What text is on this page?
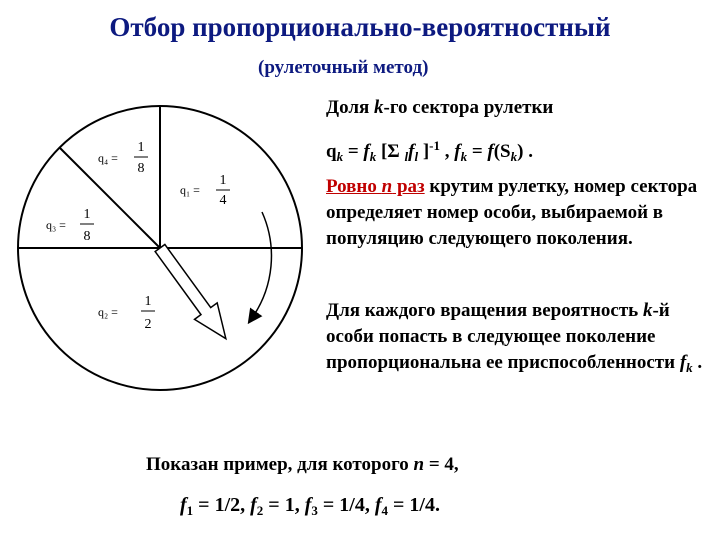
Отбор пропорционально-вероятностный
(рулеточный метод)
q₄ =
1
8
q₁ =
1
4
q₃ =
1
8
q₂ =
1
2
Доля k-го сектора рулетки
$q_k = f_k$ [Σ $_lf_l$ ]$^{-1}$ , $f_k = f(S_k)$ .
Ровно n раз крутим рулетку, номер сектора определяет номер особи, выбираемой в популяцию следующего поколения.
Для каждого вращения вероятность k-й особи попасть в следующее поколение пропорциональна ее приспособленности $f_k$ .
Показан пример, для которого n = 4,
$f_1 = 1/2$, $f_2 = 1$, $f_3 = 1/4$, $f_4 = 1/4$.
